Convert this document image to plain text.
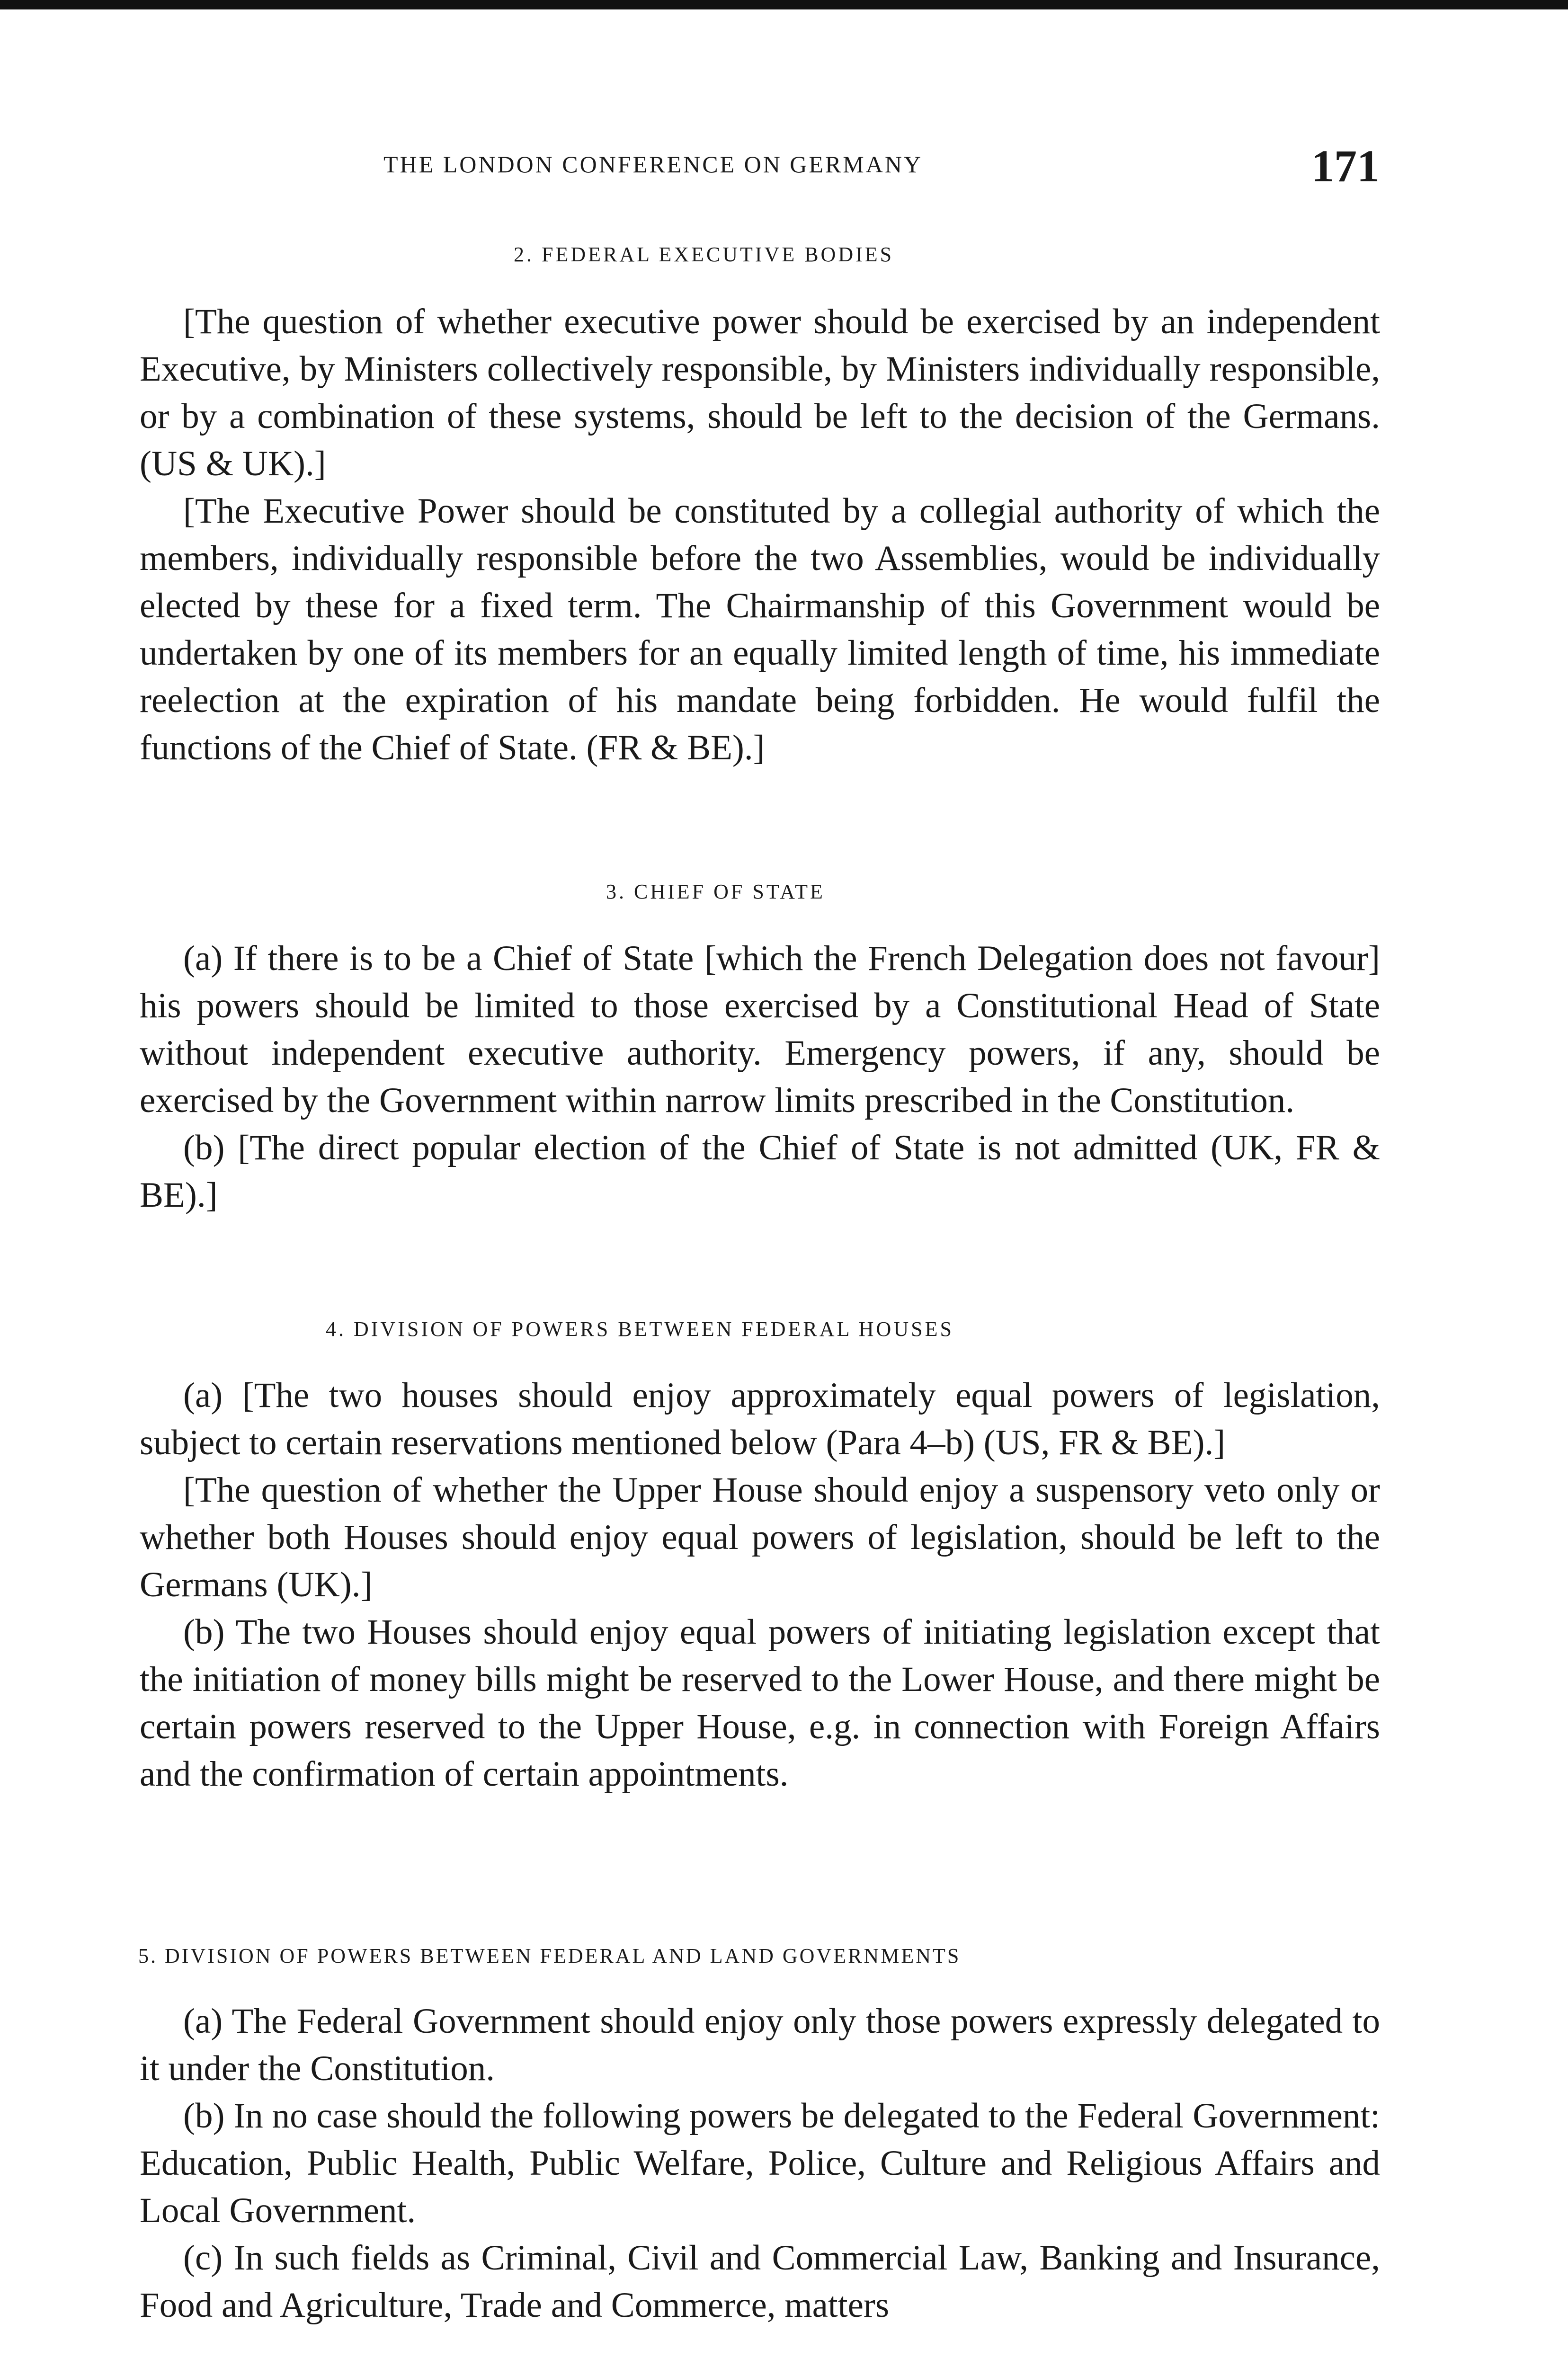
THE LONDON CONFERENCE ON GERMANY	171
2. FEDERAL EXECUTIVE BODIES

[The question of whether executive power should be exercised by an independent Executive, by Ministers collectively responsible, by Ministers individually responsible, or by a combination of these systems, should be left to the decision of the Germans. (US & UK).]

[The Executive Power should be constituted by a collegial authority of which the members, individually responsible before the two Assemblies, would be individually elected by these for a fixed term. The Chairmanship of this Government would be undertaken by one of its members for an equally limited length of time, his immediate reelection at the expiration of his mandate being forbidden. He would fulfil the functions of the Chief of State. (FR & BE).]

3. CHIEF OF STATE

(a) If there is to be a Chief of State [which the French Delegation does not favour] his powers should be limited to those exercised by a Constitutional Head of State without independent executive authority. Emergency powers, if any, should be exercised by the Government within narrow limits prescribed in the Constitution.

(b) [The direct popular election of the Chief of State is not admitted (UK, FR & BE).]

4. DIVISION OF POWERS BETWEEN FEDERAL HOUSES

(a) [The two houses should enjoy approximately equal powers of legislation, subject to certain reservations mentioned below (Para 4–b) (US, FR & BE).]

[The question of whether the Upper House should enjoy a suspensory veto only or whether both Houses should enjoy equal powers of legislation, should be left to the Germans (UK).]

(b) The two Houses should enjoy equal powers of initiating legislation except that the initiation of money bills might be reserved to the Lower House, and there might be certain powers reserved to the Upper House, e.g. in connection with Foreign Affairs and the confirmation of certain appointments.

5. DIVISION OF POWERS BETWEEN FEDERAL AND LAND GOVERNMENTS

(a) The Federal Government should enjoy only those powers expressly delegated to it under the Constitution.

(b) In no case should the following powers be delegated to the Federal Government: Education, Public Health, Public Welfare, Police, Culture and Religious Affairs and Local Government.

(c) In such fields as Criminal, Civil and Commercial Law, Banking and Insurance, Food and Agriculture, Trade and Commerce, matters
